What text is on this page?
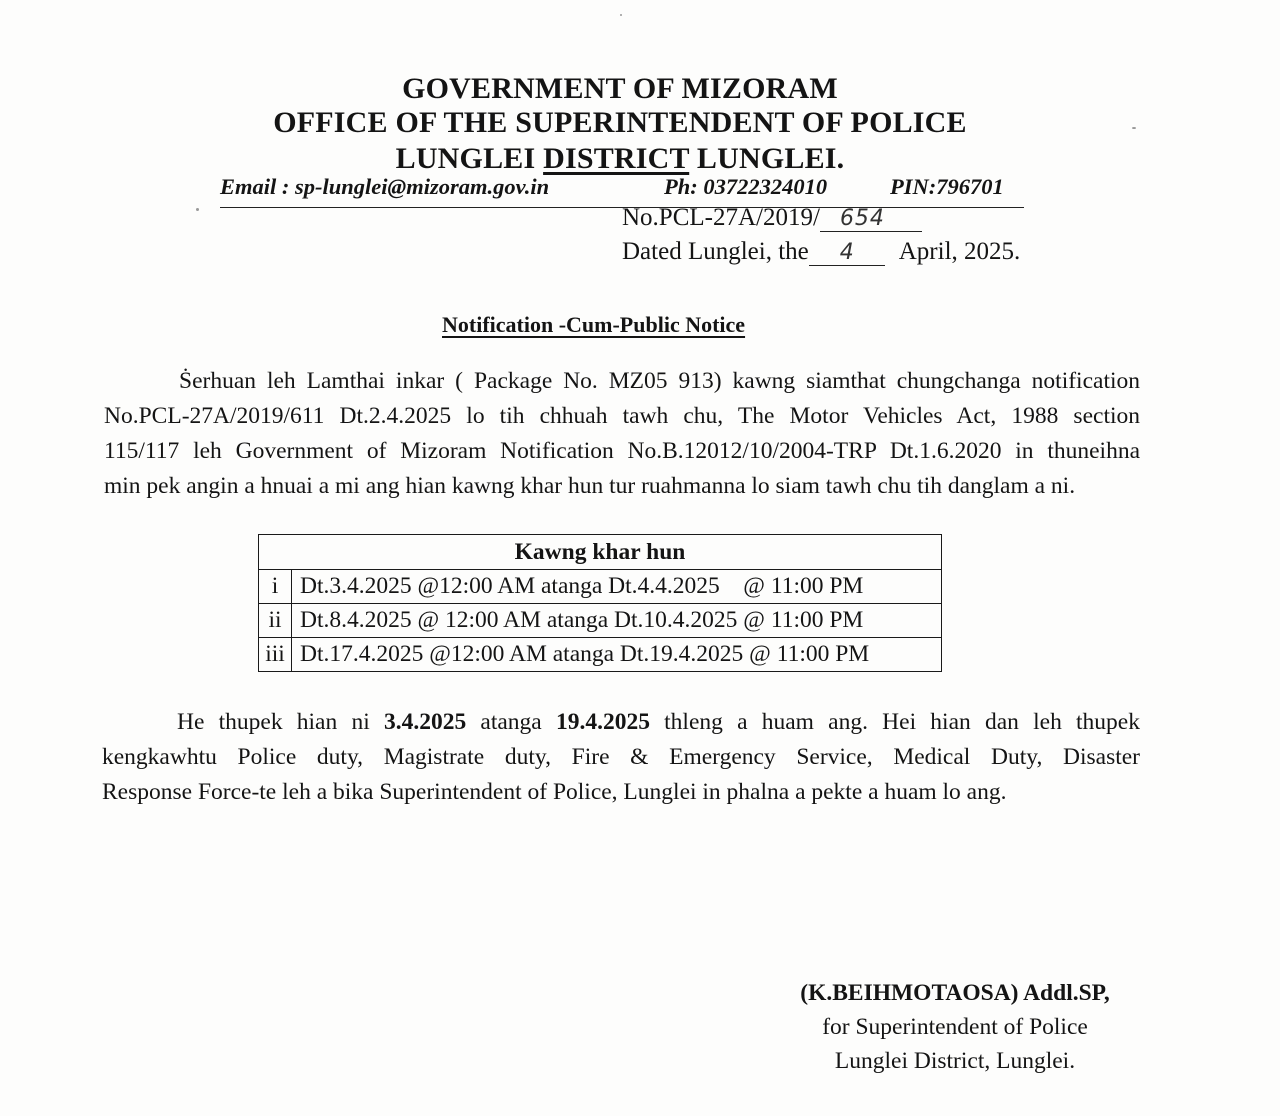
GOVERNMENT OF MIZORAM
OFFICE OF THE SUPERINTENDENT OF POLICE
LUNGLEI DISTRICT LUNGLEI.
Email : sp-lunglei@mizoram.gov.in	Ph: 03722324010	PIN:796701
No.PCL-27A/2019/ 654
Dated Lunglei, the 4 April, 2025.
Notification -Cum-Public Notice
Ṡerhuan leh Lamthai inkar ( Package No. MZ05 913) kawng siamthat chungchanga notification
No.PCL-27A/2019/611 Dt.2.4.2025 lo tih chhuah tawh chu, The Motor Vehicles Act, 1988 section
115/117 leh Government of Mizoram Notification No.B.12012/10/2004-TRP Dt.1.6.2020 in thuneihna
min pek angin a hnuai a mi ang hian kawng khar hun tur ruahmanna lo siam tawh chu tih danglam a ni.
Kawng khar hun	
i	Dt.3.4.2025 @12:00 AM atanga Dt.4.4.2025    @ 11:00 PM
ii	Dt.8.4.2025 @ 12:00 AM atanga Dt.10.4.2025 @ 11:00 PM
iii	Dt.17.4.2025 @12:00 AM atanga Dt.19.4.2025 @ 11:00 PM
He thupek hian ni 3.4.2025 atanga 19.4.2025 thleng a huam ang. Hei hian dan leh thupek
kengkawhtu Police duty, Magistrate duty, Fire & Emergency Service, Medical Duty, Disaster
Response Force-te leh a bika Superintendent of Police, Lunglei in phalna a pekte a huam lo ang.
(K.BEIHMOTAOSA) Addl.SP,
for Superintendent of Police
Lunglei District, Lunglei.
